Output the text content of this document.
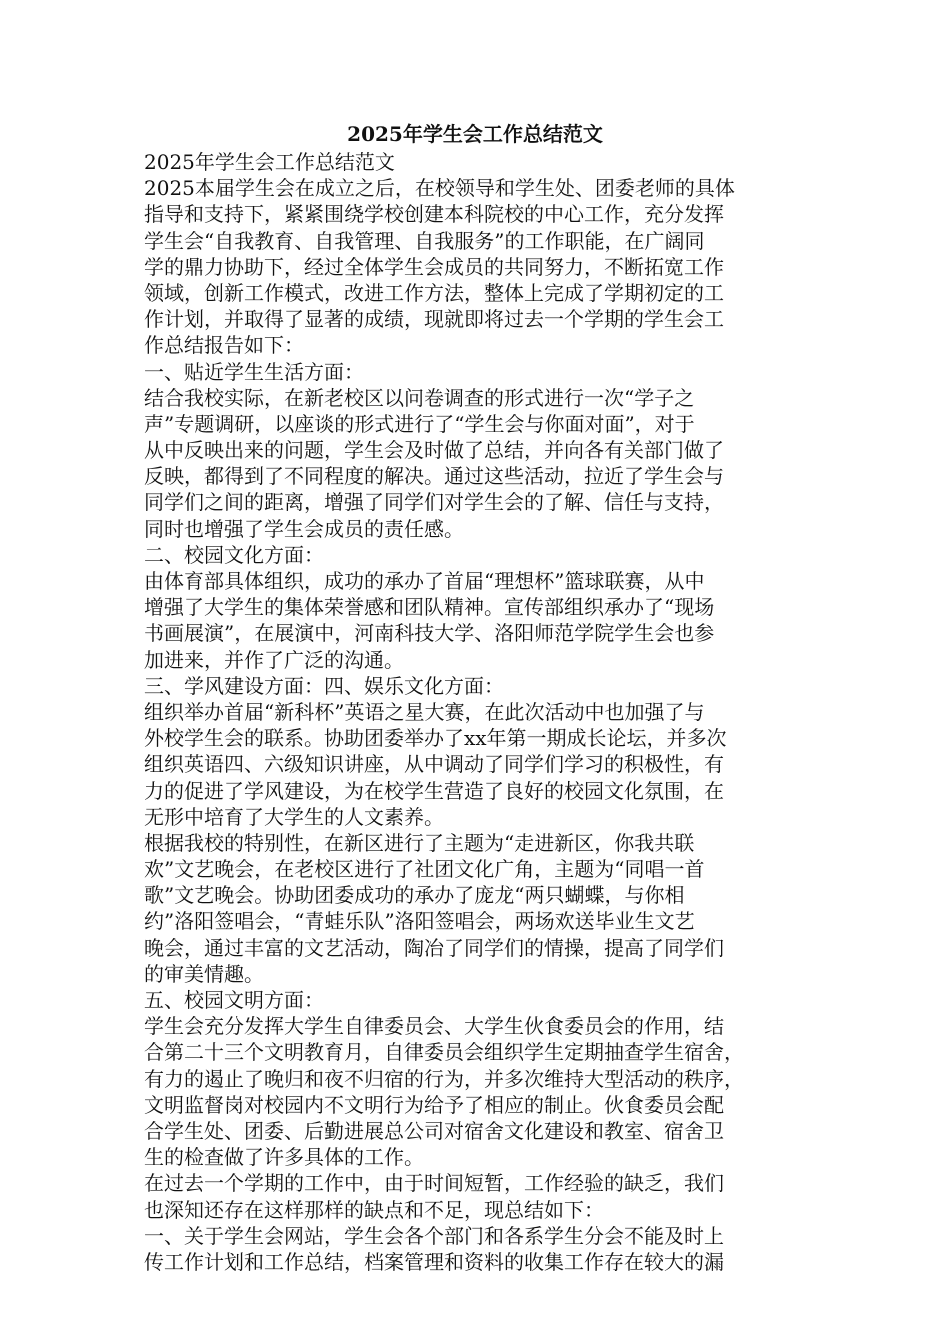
2025年学生会工作总结范文
2025年学生会工作总结范文
2025本届学生会在成立之后，在校领导和学生处、团委老师的具体
指导和支持下，紧紧围绕学校创建本科院校的中心工作，充分发挥
学生会“自我教育、自我管理、自我服务”的工作职能，在广阔同
学的鼎力协助下，经过全体学生会成员的共同努力，不断拓宽工作
领域，创新工作模式，改进工作方法，整体上完成了学期初定的工
作计划，并取得了显著的成绩，现就即将过去一个学期的学生会工
作总结报告如下：
一、贴近学生生活方面：
结合我校实际，在新老校区以问卷调查的形式进行一次“学子之
声”专题调研，以座谈的形式进行了“学生会与你面对面”，对于
从中反映出来的问题，学生会及时做了总结，并向各有关部门做了
反映，都得到了不同程度的解决。通过这些活动，拉近了学生会与
同学们之间的距离，增强了同学们对学生会的了解、信任与支持，
同时也增强了学生会成员的责任感。
二、校园文化方面：
由体育部具体组织，成功的承办了首届“理想杯”篮球联赛，从中
增强了大学生的集体荣誉感和团队精神。宣传部组织承办了“现场
书画展演”，在展演中，河南科技大学、洛阳师范学院学生会也参
加进来，并作了广泛的沟通。
三、学风建设方面：四、娱乐文化方面：
组织举办首届“新科杯”英语之星大赛，在此次活动中也加强了与
外校学生会的联系。协助团委举办了xx年第一期成长论坛，并多次
组织英语四、六级知识讲座，从中调动了同学们学习的积极性，有
力的促进了学风建设，为在校学生营造了良好的校园文化氛围，在
无形中培育了大学生的人文素养。
根据我校的特别性，在新区进行了主题为“走进新区，你我共联
欢”文艺晚会，在老校区进行了社团文化广角，主题为“同唱一首
歌”文艺晚会。协助团委成功的承办了庞龙“两只蝴蝶，与你相
约”洛阳签唱会，“青蛙乐队”洛阳签唱会，两场欢送毕业生文艺
晚会，通过丰富的文艺活动，陶冶了同学们的情操，提高了同学们
的审美情趣。
五、校园文明方面：
学生会充分发挥大学生自律委员会、大学生伙食委员会的作用，结
合第二十三个文明教育月，自律委员会组织学生定期抽查学生宿舍，
有力的遏止了晚归和夜不归宿的行为，并多次维持大型活动的秩序，
文明监督岗对校园内不文明行为给予了相应的制止。伙食委员会配
合学生处、团委、后勤进展总公司对宿舍文化建设和教室、宿舍卫
生的检查做了许多具体的工作。
在过去一个学期的工作中，由于时间短暂，工作经验的缺乏，我们
也深知还存在这样那样的缺点和不足，现总结如下：
一、关于学生会网站，学生会各个部门和各系学生分会不能及时上
传工作计划和工作总结，档案管理和资料的收集工作存在较大的漏
